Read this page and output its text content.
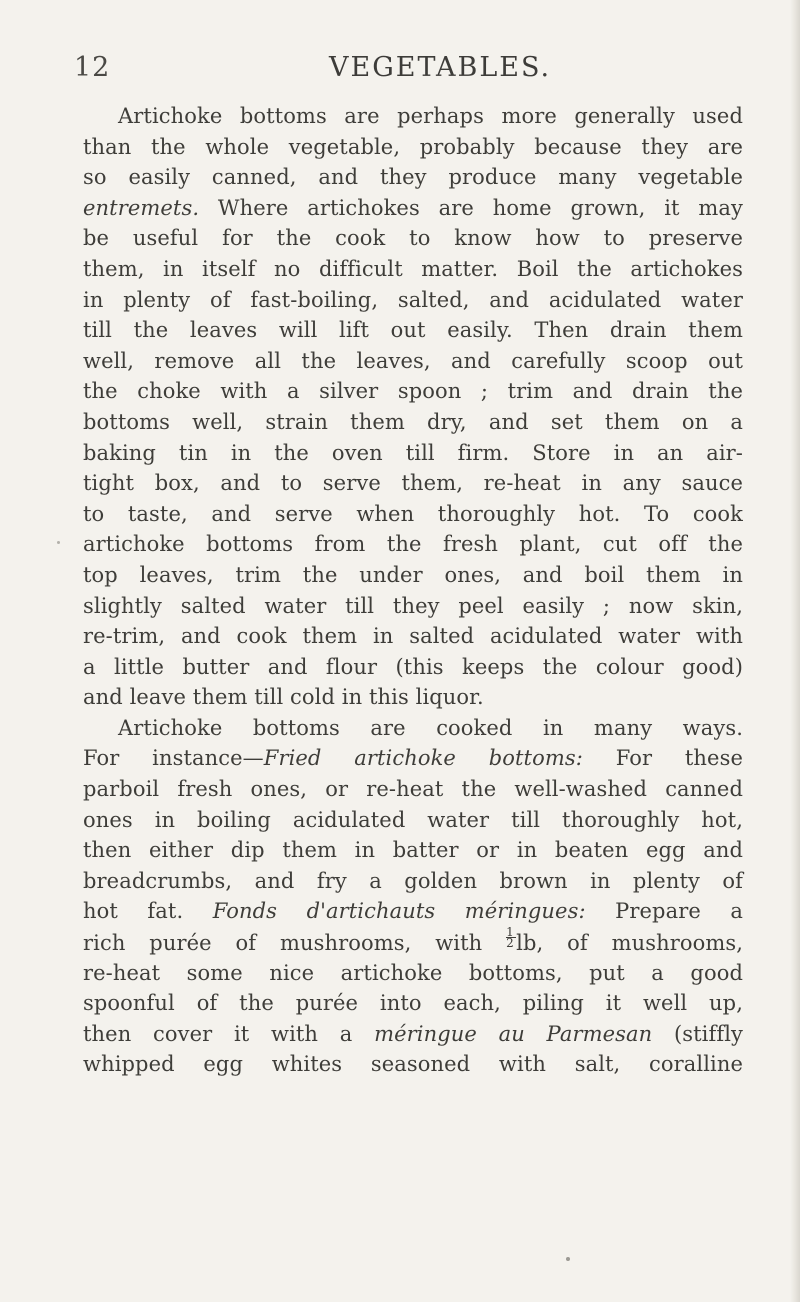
12	VEGETABLES.
Artichoke bottoms are perhaps more generally used
than the whole vegetable, probably because they are
so easily canned, and they produce many vegetable
entremets. Where artichokes are home grown, it may
be useful for the cook to know how to preserve
them, in itself no difficult matter. Boil the artichokes
in plenty of fast-boiling, salted, and acidulated water
till the leaves will lift out easily. Then drain them
well, remove all the leaves, and carefully scoop out
the choke with a silver spoon ; trim and drain the
bottoms well, strain them dry, and set them on a
baking tin in the oven till firm. Store in an air-
tight box, and to serve them, re-heat in any sauce
to taste, and serve when thoroughly hot. To cook
artichoke bottoms from the fresh plant, cut off the
top leaves, trim the under ones, and boil them in
slightly salted water till they peel easily ; now skin,
re-trim, and cook them in salted acidulated water with
a little butter and flour (this keeps the colour good)
and leave them till cold in this liquor.
Artichoke bottoms are cooked in many ways.
For instance—Fried artichoke bottoms: For these
parboil fresh ones, or re-heat the well-washed canned
ones in boiling acidulated water till thoroughly hot,
then either dip them in batter or in beaten egg and
breadcrumbs, and fry a golden brown in plenty of
hot fat. Fonds d'artichauts méringues: Prepare a
rich purée of mushrooms, with $\frac{1}{2}$ lb, of mushrooms,
re-heat some nice artichoke bottoms, put a good
spoonful of the purée into each, piling it well up,
then cover it with a méringue au Parmesan (stiffly
whipped egg whites seasoned with salt, coralline
